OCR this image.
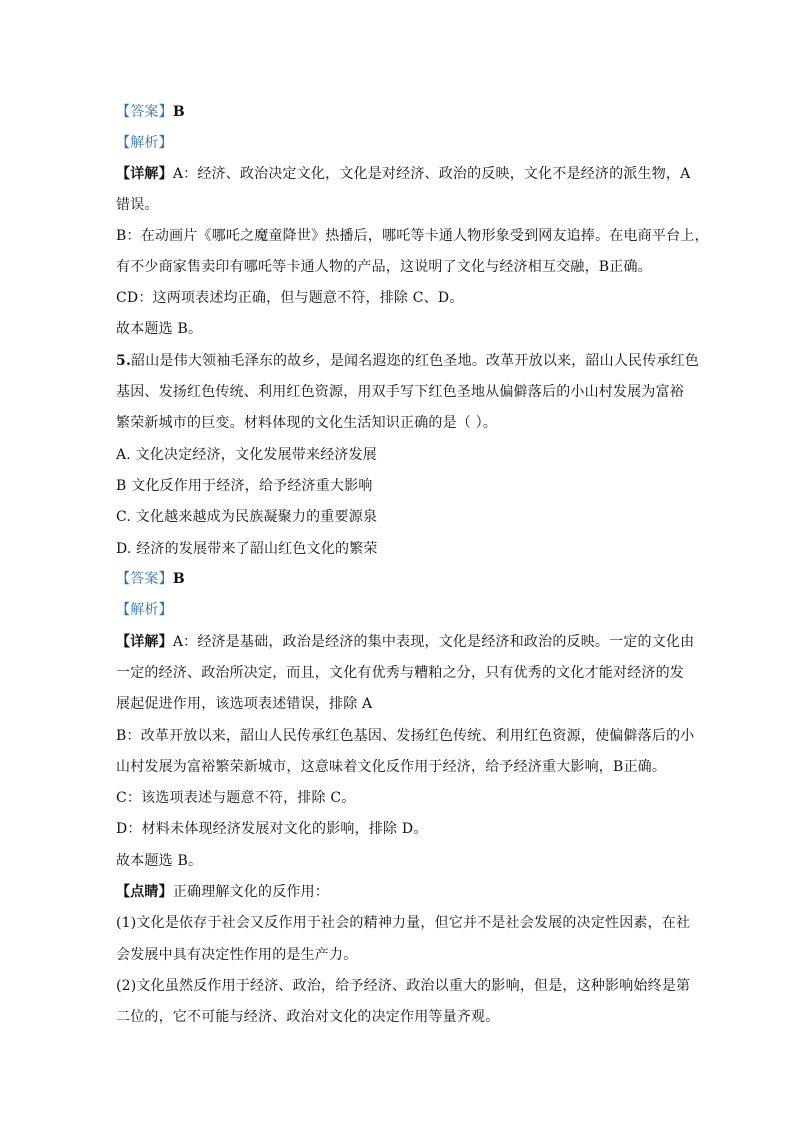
【答案】B
【解析】
【详解】A：经济、政治决定文化，文化是对经济、政治的反映，文化不是经济的派生物，A
错误。
B：在动画片《哪吒之魔童降世》热播后，哪吒等卡通人物形象受到网友追捧。在电商平台上，
有不少商家售卖印有哪吒等卡通人物的产品，这说明了文化与经济相互交融，B正确。
CD：这两项表述均正确，但与题意不符，排除 C、D。
故本题选 B。
5.韶山是伟大领袖毛泽东的故乡，是闻名遐迩的红色圣地。改革开放以来，韶山人民传承红色
基因、发扬红色传统、利用红色资源，用双手写下红色圣地从偏僻落后的小山村发展为富裕
繁荣新城市的巨变。材料体现的文化生活知识正确的是（ ）。
A. 文化决定经济，文化发展带来经济发展
B 文化反作用于经济，给予经济重大影响
C. 文化越来越成为民族凝聚力的重要源泉
D. 经济的发展带来了韶山红色文化的繁荣
【答案】B
【解析】
【详解】A：经济是基础，政治是经济的集中表现，文化是经济和政治的反映。一定的文化由
一定的经济、政治所决定，而且，文化有优秀与糟粕之分，只有优秀的文化才能对经济的发
展起促进作用，该选项表述错误，排除 A
B：改革开放以来，韶山人民传承红色基因、发扬红色传统、利用红色资源，使偏僻落后的小
山村发展为富裕繁荣新城市，这意味着文化反作用于经济，给予经济重大影响，B正确。
C：该选项表述与题意不符，排除 C。
D：材料未体现经济发展对文化的影响，排除 D。
故本题选 B。
【点睛】正确理解文化的反作用：
(1)文化是依存于社会又反作用于社会的精神力量，但它并不是社会发展的决定性因素，在社
会发展中具有决定性作用的是生产力。
(2)文化虽然反作用于经济、政治，给予经济、政治以重大的影响，但是，这种影响始终是第
二位的，它不可能与经济、政治对文化的决定作用等量齐观。
